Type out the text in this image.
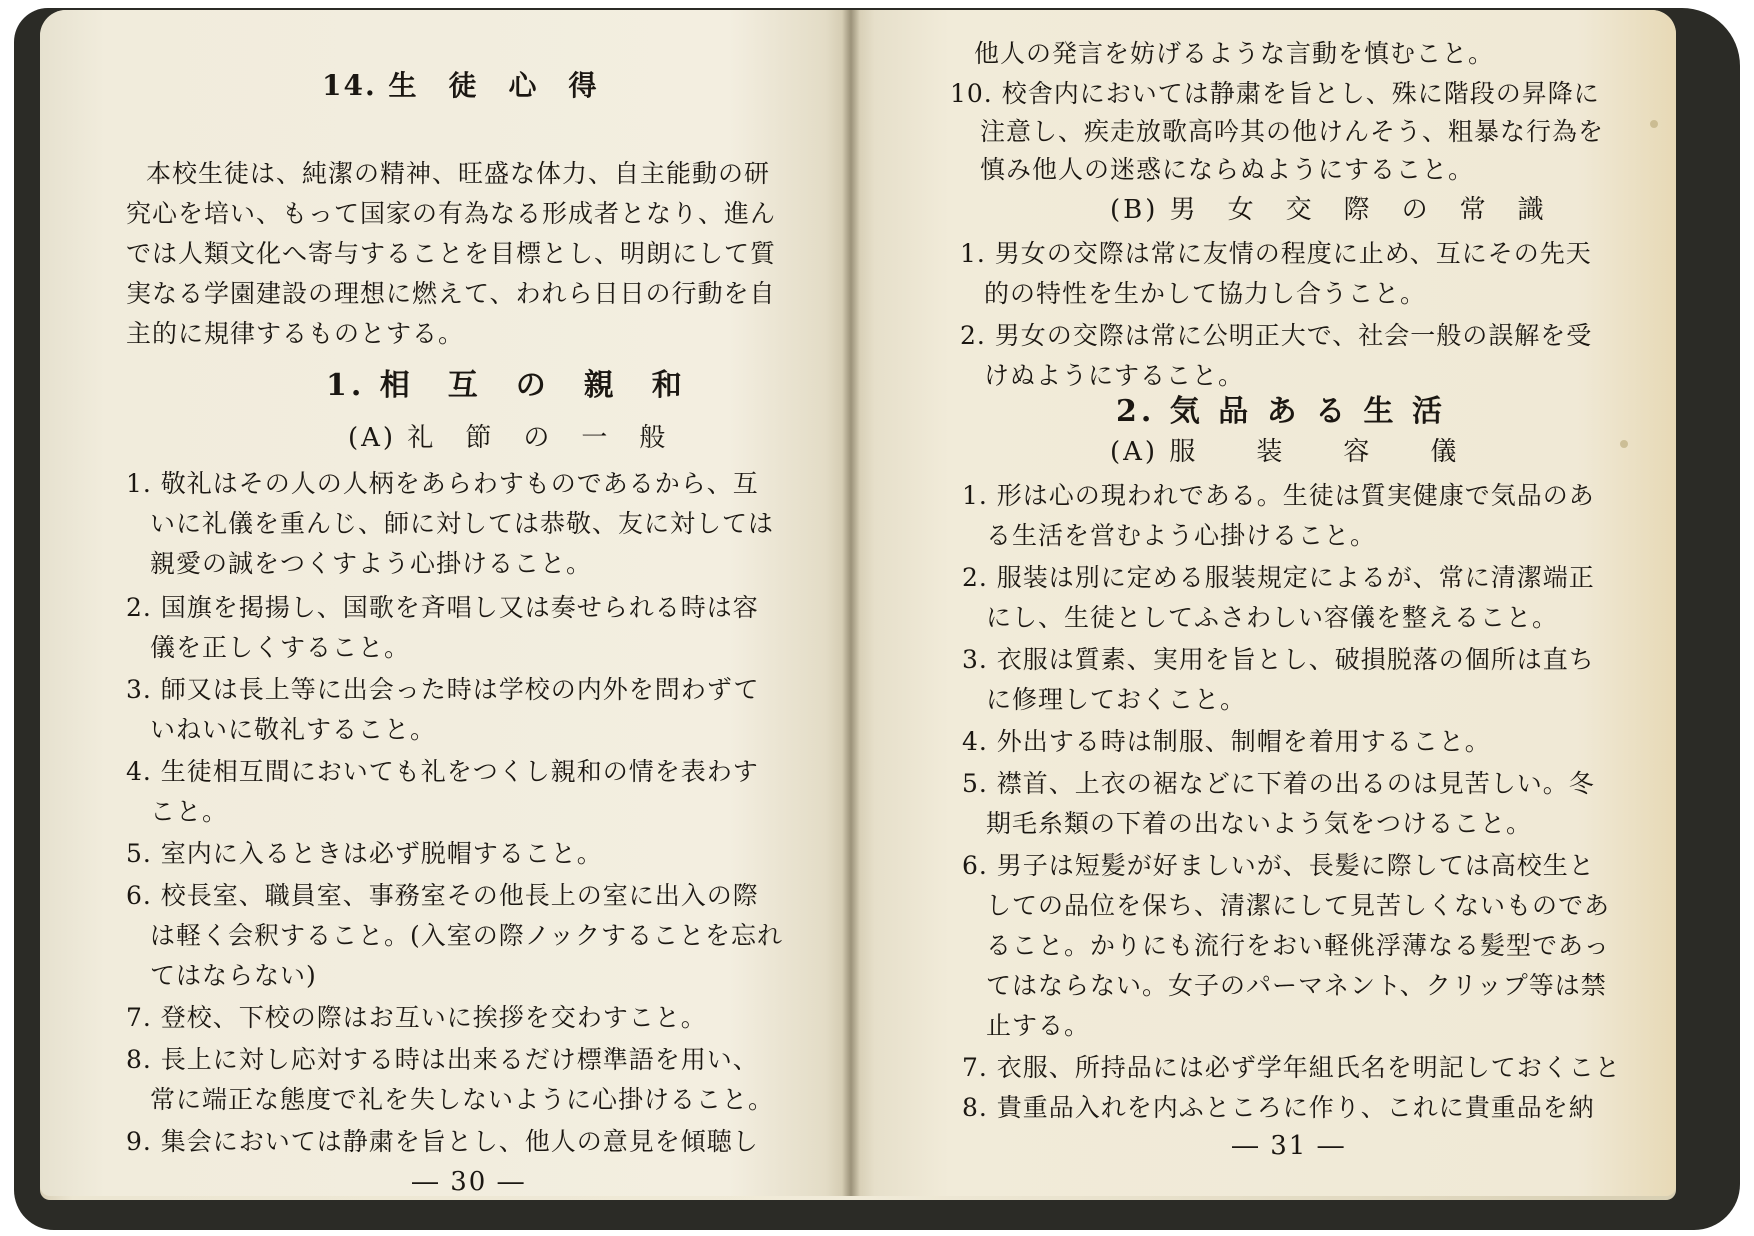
14. 生　徒　心　得
本校生徒は、純潔の精神、旺盛な体力、自主能動の研
究心を培い、もって国家の有為なる形成者となり、進ん
では人類文化へ寄与することを目標とし、明朗にして質
実なる学園建設の理想に燃えて、われら日日の行動を自
主的に規律するものとする。
1. 相　互　の　親　和
(A) 礼　節　の　一　般
1. 敬礼はその人の人柄をあらわすものであるから、互
いに礼儀を重んじ、師に対しては恭敬、友に対しては
親愛の誠をつくすよう心掛けること。
2. 国旗を掲揚し、国歌を斉唱し又は奏せられる時は容
儀を正しくすること。
3. 師又は長上等に出会った時は学校の内外を問わずて
いねいに敬礼すること。
4. 生徒相互間においても礼をつくし親和の情を表わす
こと。
5. 室内に入るときは必ず脱帽すること。
6. 校長室、職員室、事務室その他長上の室に出入の際
は軽く会釈すること。(入室の際ノックすることを忘れ
てはならない)
7. 登校、下校の際はお互いに挨拶を交わすこと。
8. 長上に対し応対する時は出来るだけ標準語を用い、
常に端正な態度で礼を失しないように心掛けること。
9. 集会においては静粛を旨とし、他人の意見を傾聴し
― 30 ―
他人の発言を妨げるような言動を慎むこと。
10. 校舎内においては静粛を旨とし、殊に階段の昇降に
注意し、疾走放歌高吟其の他けんそう、粗暴な行為を
慎み他人の迷惑にならぬようにすること。
(B) 男　女　交　際　の　常　識
1. 男女の交際は常に友情の程度に止め、互にその先天
的の特性を生かして協力し合うこと。
2. 男女の交際は常に公明正大で、社会一般の誤解を受
けぬようにすること。
2. 気 品 あ る 生 活
(A) 服　　装　　容　　儀
1. 形は心の現われである。生徒は質実健康で気品のあ
る生活を営むよう心掛けること。
2. 服装は別に定める服装規定によるが、常に清潔端正
にし、生徒としてふさわしい容儀を整えること。
3. 衣服は質素、実用を旨とし、破損脱落の個所は直ち
に修理しておくこと。
4. 外出する時は制服、制帽を着用すること。
5. 襟首、上衣の裾などに下着の出るのは見苦しい。冬
期毛糸類の下着の出ないよう気をつけること。
6. 男子は短髪が好ましいが、長髪に際しては高校生と
しての品位を保ち、清潔にして見苦しくないものであ
ること。かりにも流行をおい軽佻浮薄なる髪型であっ
てはならない。女子のパーマネント、クリップ等は禁
止する。
7. 衣服、所持品には必ず学年組氏名を明記しておくこと
8. 貴重品入れを内ふところに作り、これに貴重品を納
― 31 ―
